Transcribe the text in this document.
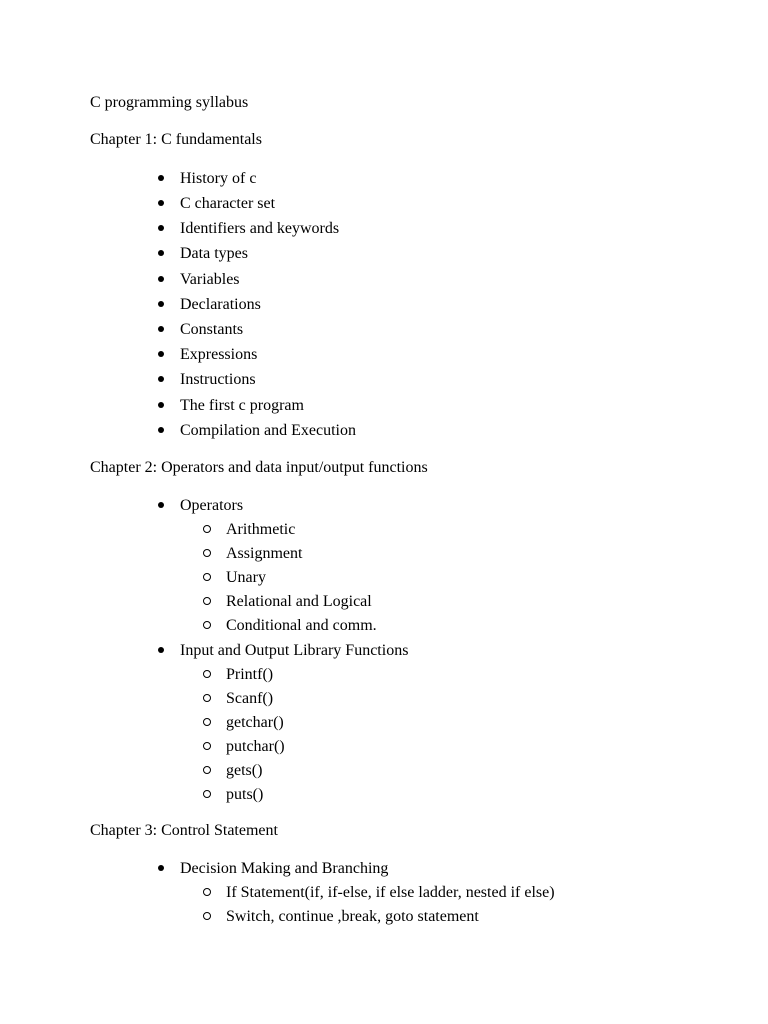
C programming syllabus
Chapter 1: C fundamentals
History of c
C character set
Identifiers and keywords
Data types
Variables
Declarations
Constants
Expressions
Instructions
The first c program
Compilation and Execution
Chapter 2: Operators and data input/output functions
Operators
Arithmetic
Assignment
Unary
Relational and Logical
Conditional and comm.
Input and Output Library Functions
Printf()
Scanf()
getchar()
putchar()
gets()
puts()
Chapter 3: Control Statement
Decision Making and Branching
If Statement(if, if-else, if else ladder, nested if else)
Switch, continue ,break, goto statement
